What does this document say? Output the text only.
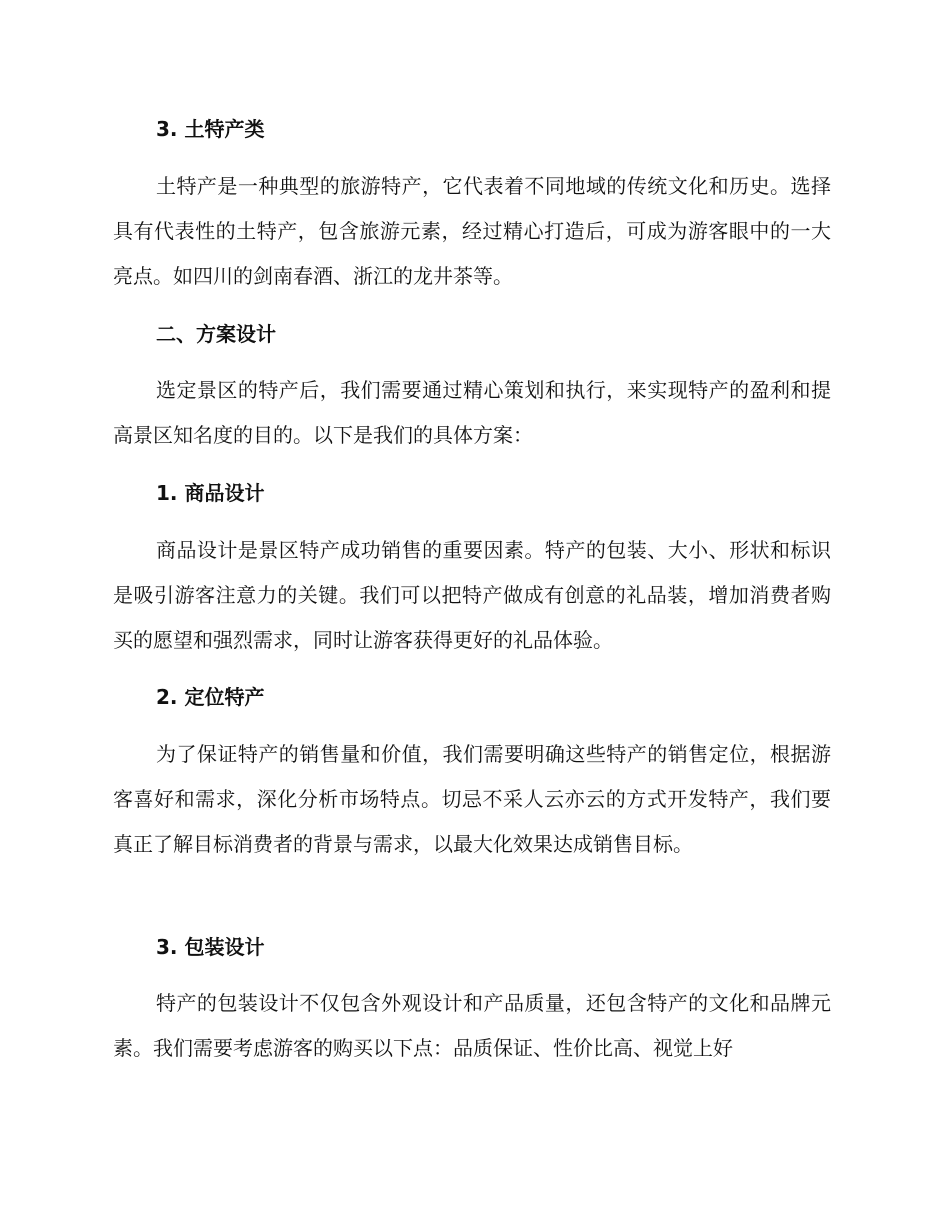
3. 土特产类
土特产是一种典型的旅游特产，它代表着不同地域的传统文化和历史。选择具有代表性的土特产，包含旅游元素，经过精心打造后，可成为游客眼中的一大亮点。如四川的剑南春酒、浙江的龙井茶等。
二、方案设计
选定景区的特产后，我们需要通过精心策划和执行，来实现特产的盈利和提高景区知名度的目的。以下是我们的具体方案：
1. 商品设计
商品设计是景区特产成功销售的重要因素。特产的包装、大小、形状和标识是吸引游客注意力的关键。我们可以把特产做成有创意的礼品装，增加消费者购买的愿望和强烈需求，同时让游客获得更好的礼品体验。
2. 定位特产
为了保证特产的销售量和价值，我们需要明确这些特产的销售定位，根据游客喜好和需求，深化分析市场特点。切忌不采人云亦云的方式开发特产，我们要真正了解目标消费者的背景与需求，以最大化效果达成销售目标。
3. 包装设计
特产的包装设计不仅包含外观设计和产品质量，还包含特产的文化和品牌元素。我们需要考虑游客的购买以下点：品质保证、性价比高、视觉上好
